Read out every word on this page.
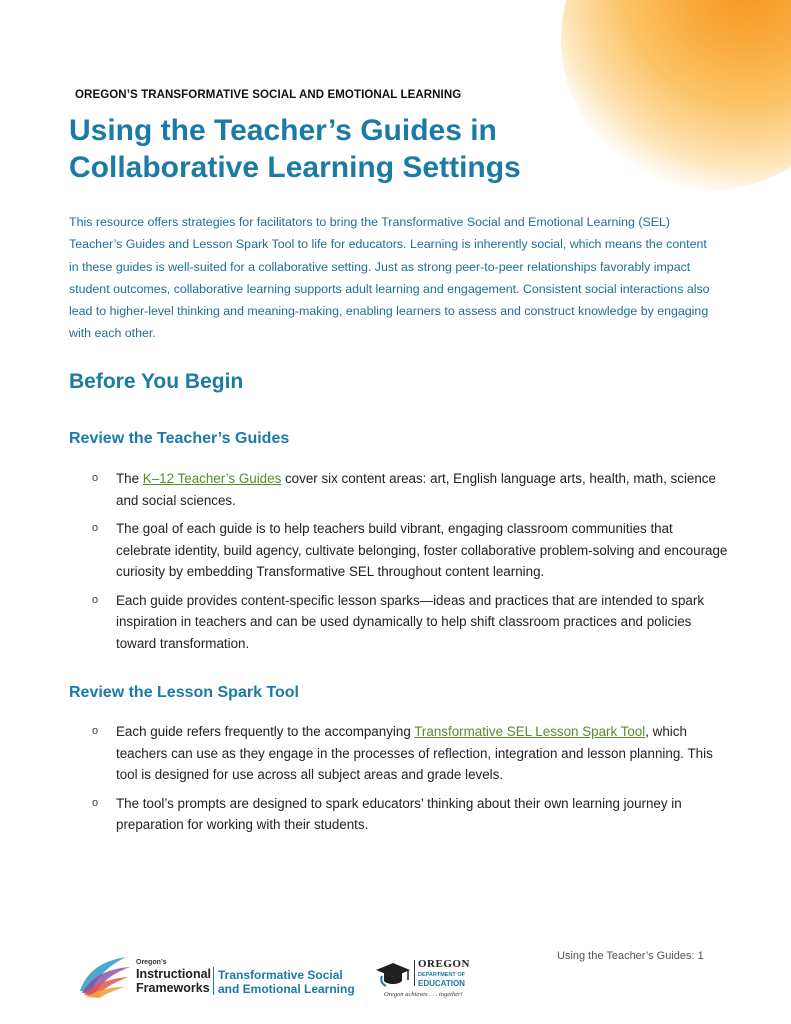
OREGON’S TRANSFORMATIVE SOCIAL AND EMOTIONAL LEARNING
Using the Teacher’s Guides in
Collaborative Learning Settings

This resource offers strategies for facilitators to bring the Transformative Social and Emotional Learning (SEL) Teacher’s Guides and Lesson Spark Tool to life for educators. Learning is inherently social, which means the content in these guides is well-suited for a collaborative setting. Just as strong peer-to-peer relationships favorably impact student outcomes, collaborative learning supports adult learning and engagement. Consistent social interactions also lead to higher-level thinking and meaning-making, enabling learners to assess and construct knowledge by engaging with each other.

Before You Begin
Review the Teacher’s Guides
o The K–12 Teacher’s Guides cover six content areas: art, English language arts, health, math, science and social sciences.
o The goal of each guide is to help teachers build vibrant, engaging classroom communities that celebrate identity, build agency, cultivate belonging, foster collaborative problem-solving and encourage curiosity by embedding Transformative SEL throughout content learning.
o Each guide provides content-specific lesson sparks—ideas and practices that are intended to spark inspiration in teachers and can be used dynamically to help shift classroom practices and policies toward transformation.
Review the Lesson Spark Tool
o Each guide refers frequently to the accompanying Transformative SEL Lesson Spark Tool, which teachers can use as they engage in the processes of reflection, integration and lesson planning. This tool is designed for use across all subject areas and grade levels.
o The tool’s prompts are designed to spark educators’ thinking about their own learning journey in preparation for working with their students.
Using the Teacher’s Guides: 1
Oregon’s
Instructional
Frameworks
Transformative Social
and Emotional Learning
OREGON
DEPARTMENT OF
EDUCATION
Oregon achieves . . . together!
